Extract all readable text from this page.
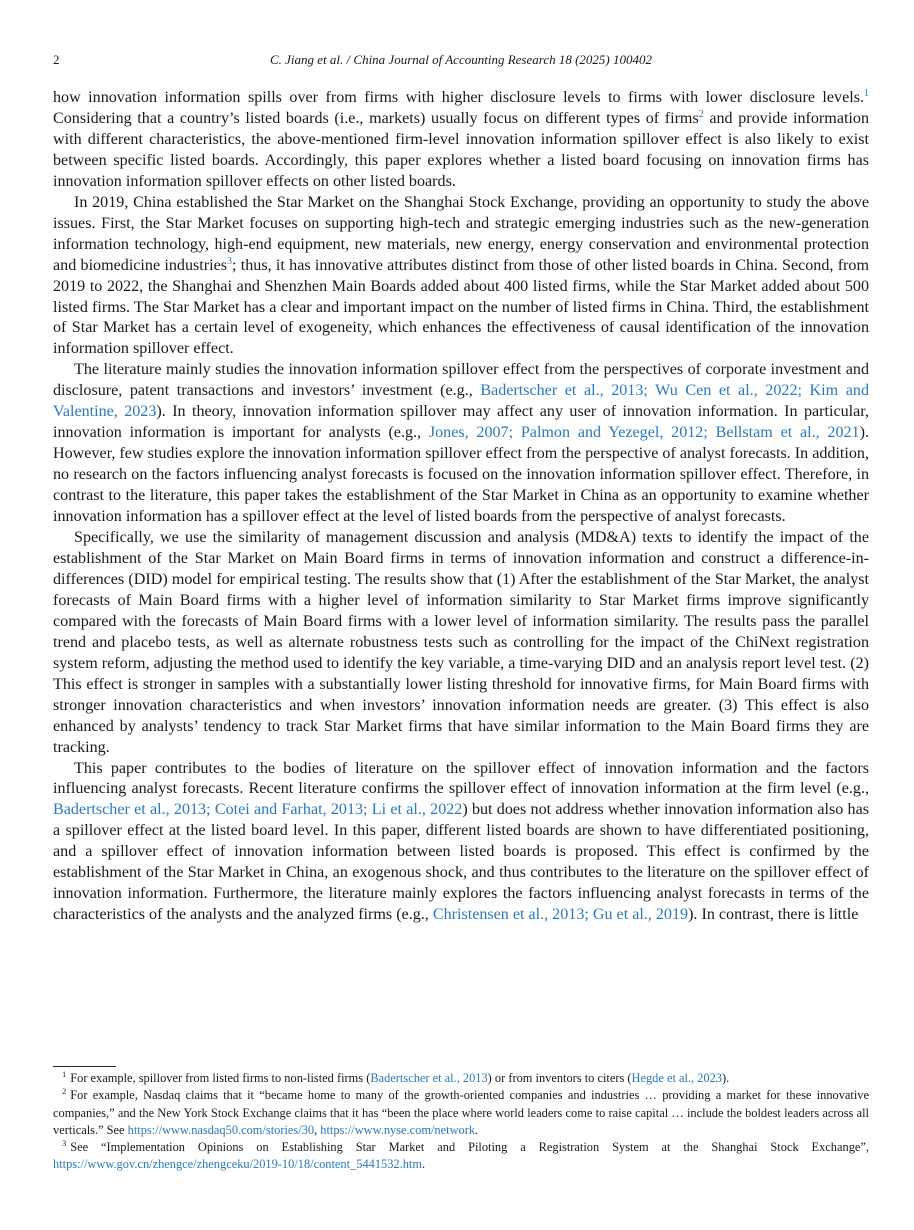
2	C. Jiang et al. / China Journal of Accounting Research 18 (2025) 100402

how innovation information spills over from firms with higher disclosure levels to firms with lower disclosure levels.$^1$ Considering that a country’s listed boards (i.e., markets) usually focus on different types of firms$^2$ and provide information with different characteristics, the above-mentioned firm-level innovation information spillover effect is also likely to exist between specific listed boards. Accordingly, this paper explores whether a listed board focusing on innovation firms has innovation information spillover effects on other listed boards.

In 2019, China established the Star Market on the Shanghai Stock Exchange, providing an opportunity to study the above issues. First, the Star Market focuses on supporting high-tech and strategic emerging industries such as the new-generation information technology, high-end equipment, new materials, new energy, energy conservation and environmental protection and biomedicine industries$^3$; thus, it has innovative attributes distinct from those of other listed boards in China. Second, from 2019 to 2022, the Shanghai and Shenzhen Main Boards added about 400 listed firms, while the Star Market added about 500 listed firms. The Star Market has a clear and important impact on the number of listed firms in China. Third, the establishment of Star Market has a certain level of exogeneity, which enhances the effectiveness of causal identification of the innovation information spillover effect.

The literature mainly studies the innovation information spillover effect from the perspectives of corporate investment and disclosure, patent transactions and investors’ investment (e.g., Badertscher et al., 2013; Wu Cen et al., 2022; Kim and Valentine, 2023). In theory, innovation information spillover may affect any user of innovation information. In particular, innovation information is important for analysts (e.g., Jones, 2007; Palmon and Yezegel, 2012; Bellstam et al., 2021). However, few studies explore the innovation information spillover effect from the perspective of analyst forecasts. In addition, no research on the factors influencing analyst forecasts is focused on the innovation information spillover effect. Therefore, in contrast to the literature, this paper takes the establishment of the Star Market in China as an opportunity to examine whether innovation information has a spillover effect at the level of listed boards from the perspective of analyst forecasts.

Specifically, we use the similarity of management discussion and analysis (MD&A) texts to identify the impact of the establishment of the Star Market on Main Board firms in terms of innovation information and construct a difference-in-differences (DID) model for empirical testing. The results show that (1) After the establishment of the Star Market, the analyst forecasts of Main Board firms with a higher level of information similarity to Star Market firms improve significantly compared with the forecasts of Main Board firms with a lower level of information similarity. The results pass the parallel trend and placebo tests, as well as alternate robustness tests such as controlling for the impact of the ChiNext registration system reform, adjusting the method used to identify the key variable, a time-varying DID and an analysis report level test. (2) This effect is stronger in samples with a substantially lower listing threshold for innovative firms, for Main Board firms with stronger innovation characteristics and when investors’ innovation information needs are greater. (3) This effect is also enhanced by analysts’ tendency to track Star Market firms that have similar information to the Main Board firms they are tracking.

This paper contributes to the bodies of literature on the spillover effect of innovation information and the factors influencing analyst forecasts. Recent literature confirms the spillover effect of innovation information at the firm level (e.g., Badertscher et al., 2013; Cotei and Farhat, 2013; Li et al., 2022) but does not address whether innovation information also has a spillover effect at the listed board level. In this paper, different listed boards are shown to have differentiated positioning, and a spillover effect of innovation information between listed boards is proposed. This effect is confirmed by the establishment of the Star Market in China, an exogenous shock, and thus contributes to the literature on the spillover effect of innovation information. Furthermore, the literature mainly explores the factors influencing analyst forecasts in terms of the characteristics of the analysts and the analyzed firms (e.g., Christensen et al., 2013; Gu et al., 2019). In contrast, there is little

$^1$ For example, spillover from listed firms to non-listed firms (Badertscher et al., 2013) or from inventors to citers (Hegde et al., 2023).

$^2$ For example, Nasdaq claims that it “became home to many of the growth-oriented companies and industries … providing a market for these innovative companies,” and the New York Stock Exchange claims that it has “been the place where world leaders come to raise capital … include the boldest leaders across all verticals.” See https://www.nasdaq50.com/stories/30, https://www.nyse.com/network.

$^3$ See “Implementation Opinions on Establishing Star Market and Piloting a Registration System at the Shanghai Stock Exchange”, https://www.gov.cn/zhengce/zhengceku/2019-10/18/content_5441532.htm.
